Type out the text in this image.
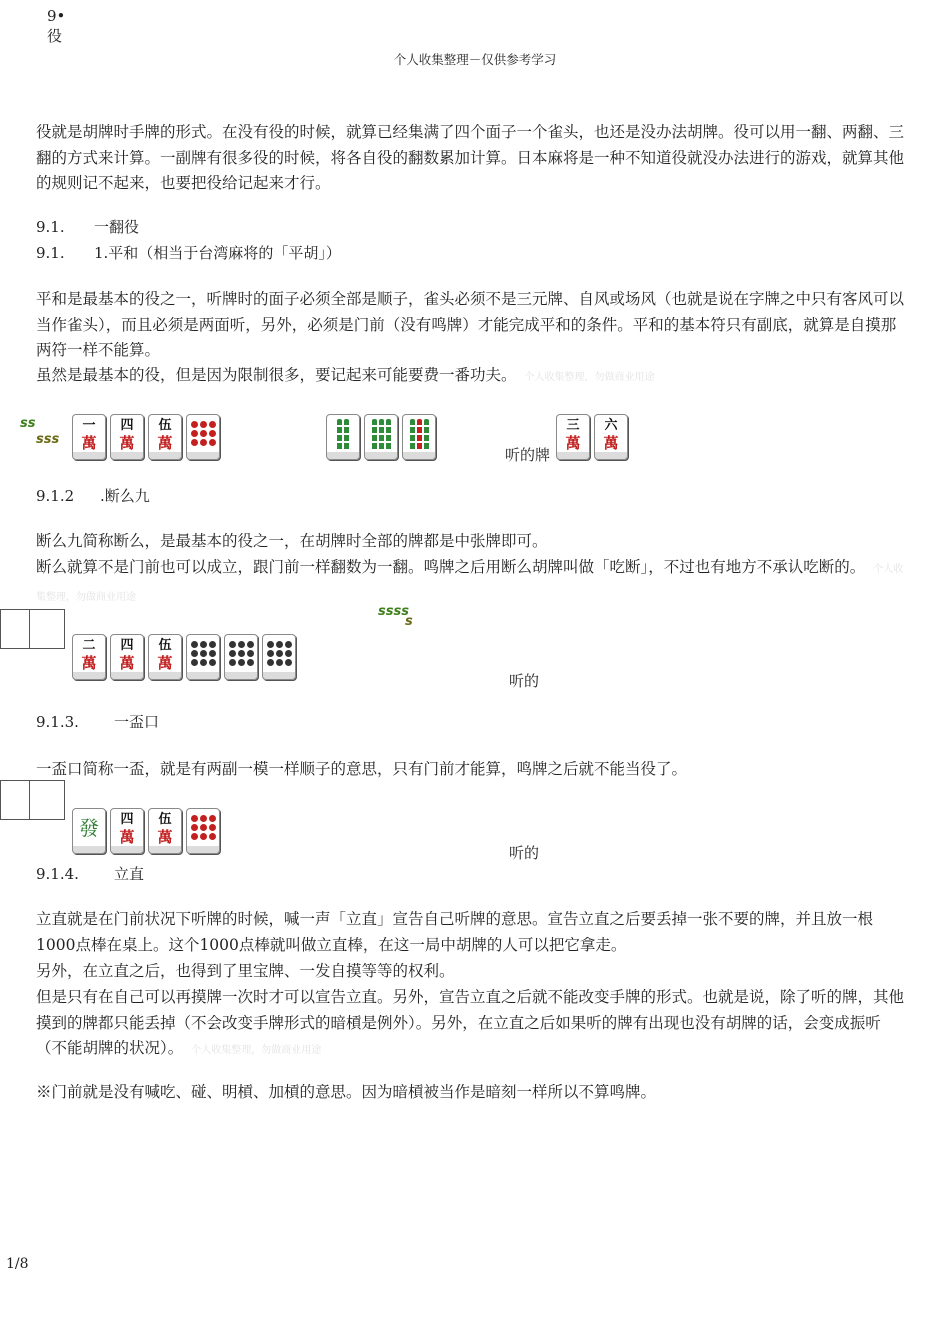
9•
役
个人收集整理－仅供参考学习
役就是胡牌时手牌的形式。在没有役的时候，就算已经集满了四个面子一个雀头，也还是没办法胡牌。役可以用一翻、两翻、三翻的方式来计算。一副牌有很多役的时候，将各自役的翻数累加计算。日本麻将是一种不知道役就没办法进行的游戏，就算其他的规则记不起来，也要把役给记起来才行。
9.1. 一翻役
9.1. 1.平和（相当于台湾麻将的「平胡」）
平和是最基本的役之一，听牌时的面子必须全部是顺子，雀头必须不是三元牌、自风或场风（也就是说在字牌之中只有客风可以当作雀头），而且必须是两面听，另外，必须是门前（没有鸣牌）才能完成平和的条件。平和的基本符只有副底，就算是自摸那两符一样不能算。
虽然是最基本的役，但是因为限制很多，要记起来可能要费一番功夫。 个人收集整理，勿做商业用途
ss
sss
一
萬
四
萬
伍
萬
听的牌
三
萬
六
萬
9.1.2 .断么九
断么九简称断么，是最基本的役之一，在胡牌时全部的牌都是中张牌即可。
断么就算不是门前也可以成立，跟门前一样翻数为一翻。鸣牌之后用断么胡牌叫做「吃断」，不过也有地方不承认吃断的。 个人收集整理，勿做商业用途
ssss
s
二
萬
四
萬
伍
萬
听的
9.1.3. 一盃口
一盃口简称一盃，就是有两副一模一样顺子的意思，只有门前才能算，鸣牌之后就不能当役了。
發 四
萬
伍
萬
听的
9.1.4. 立直
立直就是在门前状况下听牌的时候，喊一声「立直」宣告自己听牌的意思。宣告立直之后要丢掉一张不要的牌，并且放一根1000点棒在桌上。这个1000点棒就叫做立直棒，在这一局中胡牌的人可以把它拿走。
另外，在立直之后，也得到了里宝牌、一发自摸等等的权利。
但是只有在自己可以再摸牌一次时才可以宣告立直。另外，宣告立直之后就不能改变手牌的形式。也就是说，除了听的牌，其他摸到的牌都只能丢掉（不会改变手牌形式的暗槓是例外）。另外，在立直之后如果听的牌有出现也没有胡牌的话，会变成振听（不能胡牌的状况）。 个人收集整理，勿做商业用途
※门前就是没有喊吃、碰、明槓、加槓的意思。因为暗槓被当作是暗刻一样所以不算鸣牌。
1/8
